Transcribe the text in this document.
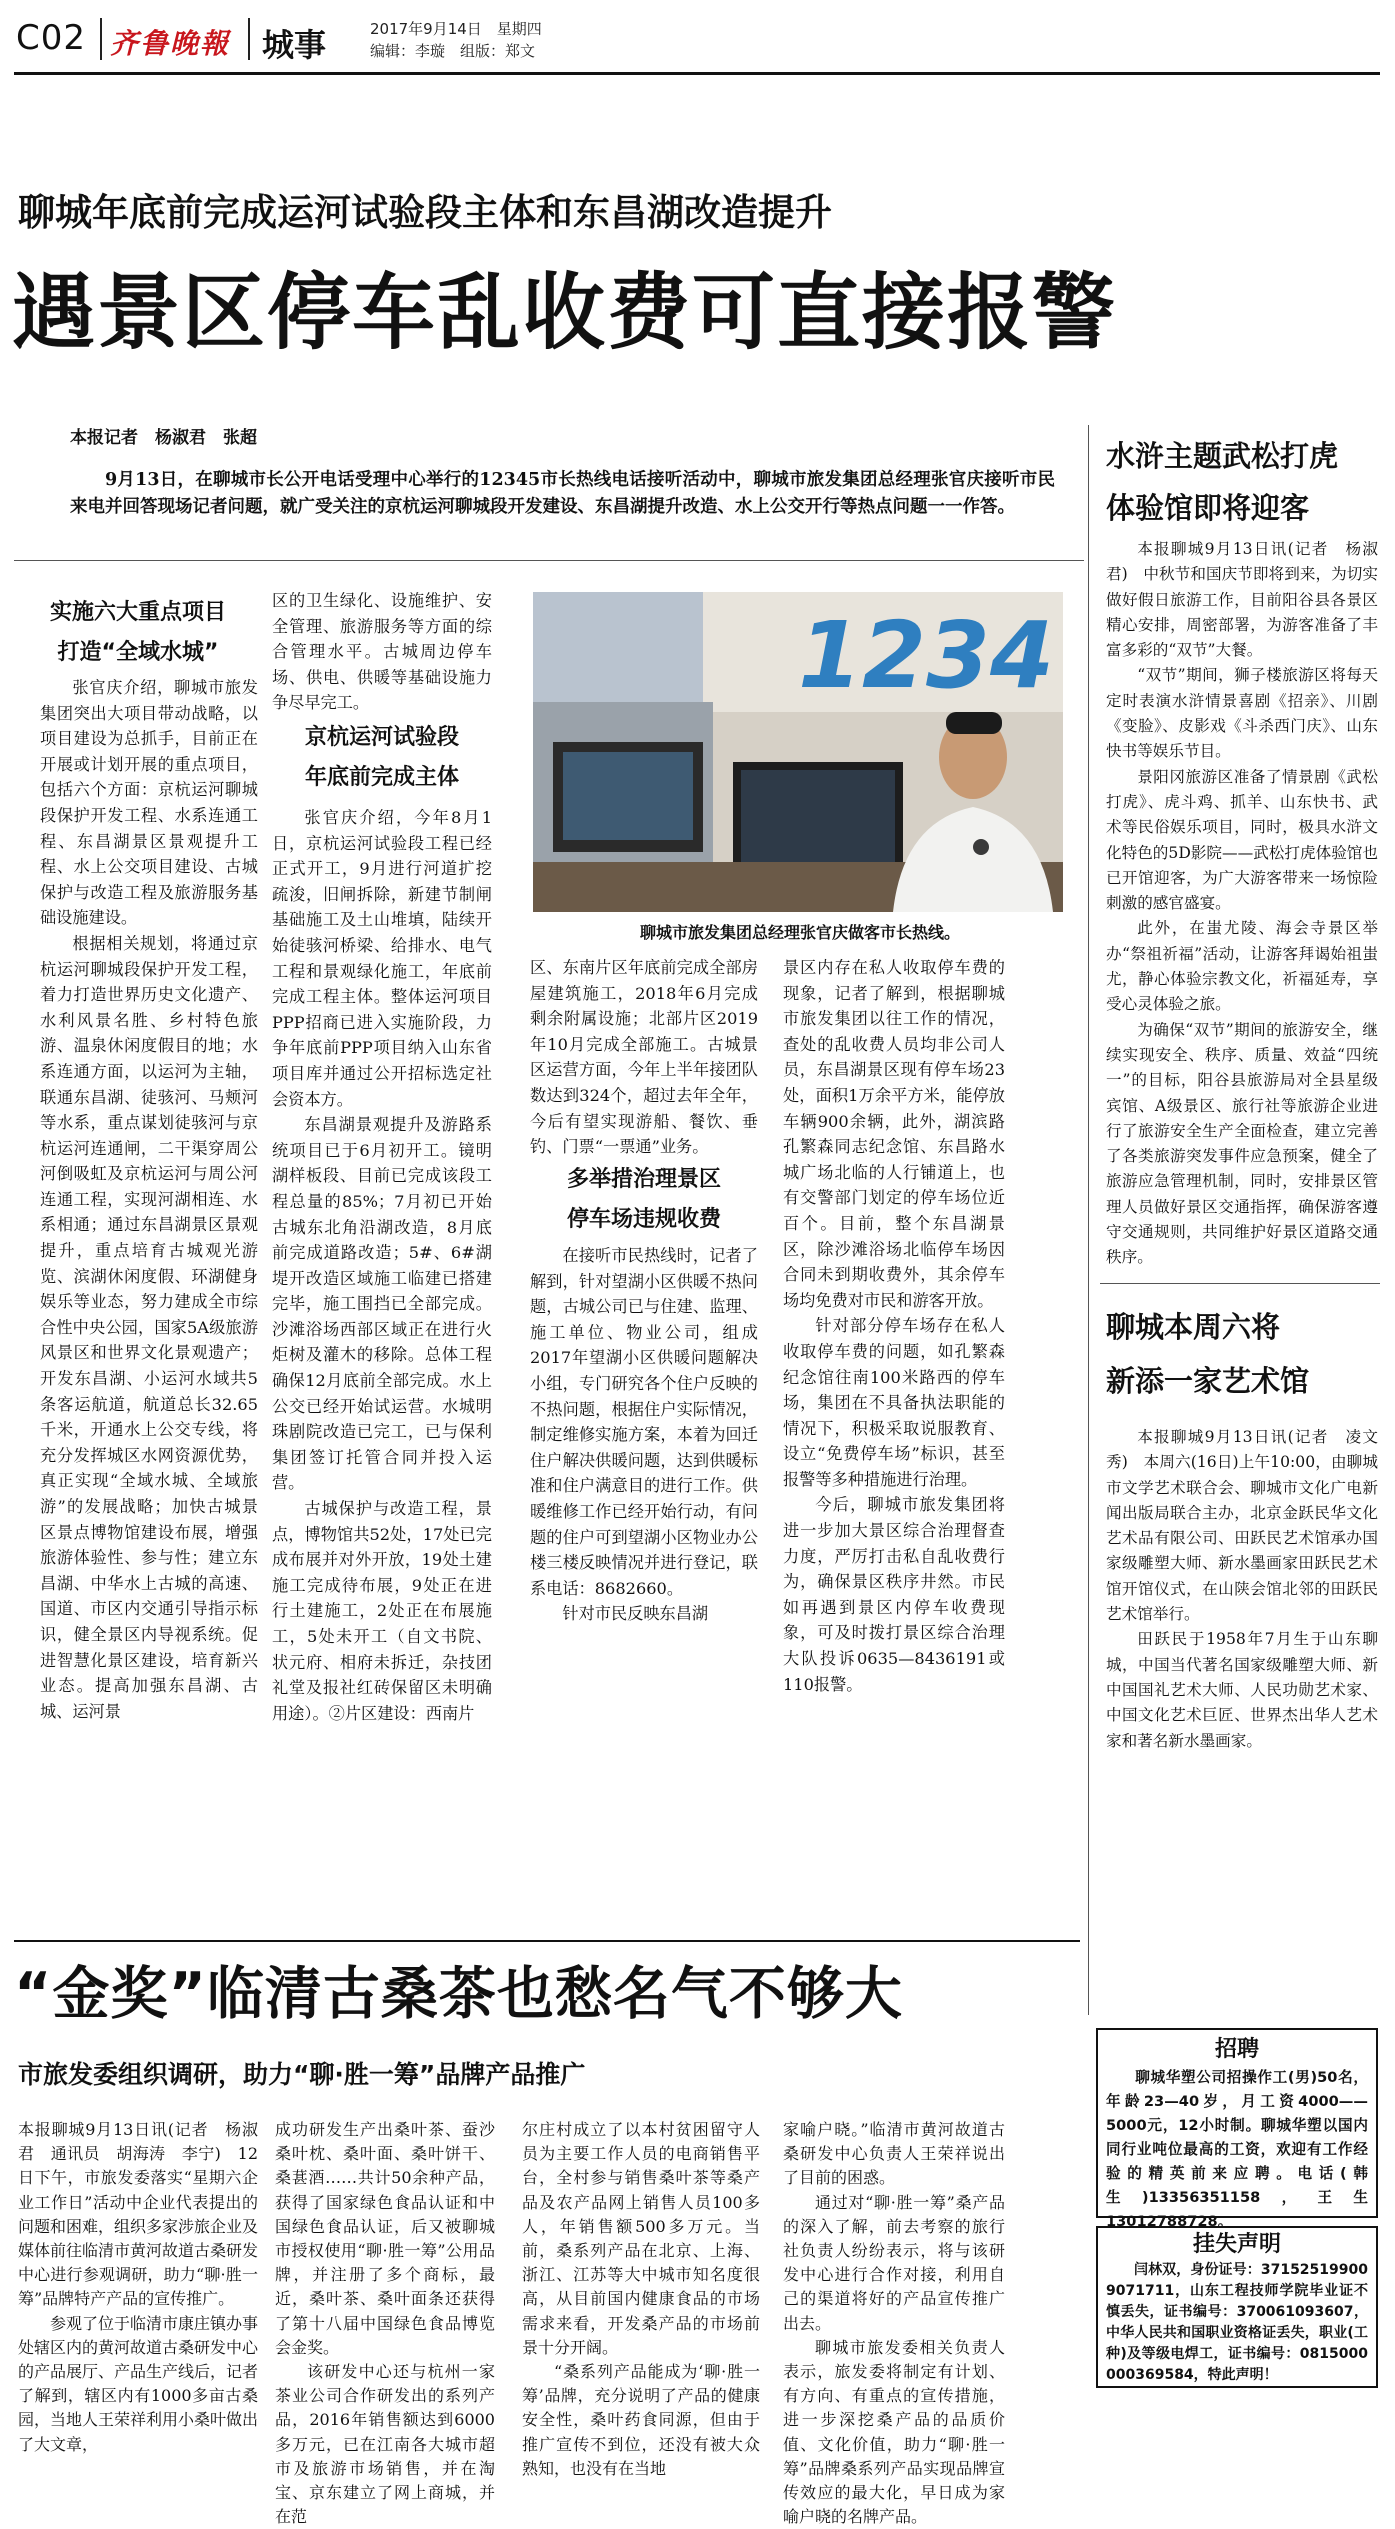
C02 齐鲁晚報 城事	2017年9月14日　星期四
编辑：李璇　组版：郑文
聊城年底前完成运河试验段主体和东昌湖改造提升
遇景区停车乱收费可直接报警
本报记者　杨淑君　张超
9月13日，在聊城市长公开电话受理中心举行的12345市长热线电话接听活动中，聊城市旅发集团总经理张官庆接听市民来电并回答现场记者问题，就广受关注的京杭运河聊城段开发建设、东昌湖提升改造、水上公交开行等热点问题一一作答。
实施六大重点项目
打造“全域水城”

张官庆介绍，聊城市旅发集团突出大项目带动战略，以项目建设为总抓手，目前正在开展或计划开展的重点项目，包括六个方面：京杭运河聊城段保护开发工程、水系连通工程、东昌湖景区景观提升工程、水上公交项目建设、古城保护与改造工程及旅游服务基础设施建设。

根据相关规划，将通过京杭运河聊城段保护开发工程，着力打造世界历史文化遗产、水利风景名胜、乡村特色旅游、温泉休闲度假目的地；水系连通方面，以运河为主轴，联通东昌湖、徒骇河、马颊河等水系，重点谋划徒骇河与京杭运河连通闸，二干渠穿周公河倒吸虹及京杭运河与周公河连通工程，实现河湖相连、水系相通；通过东昌湖景区景观提升，重点培育古城观光游览、滨湖休闲度假、环湖健身娱乐等业态，努力建成全市综合性中央公园，国家5A级旅游风景区和世界文化景观遗产；开发东昌湖、小运河水域共5条客运航道，航道总长32.65千米，开通水上公交专线，将充分发挥城区水网资源优势，真正实现“全域水城、全域旅游”的发展战略；加快古城景区景点博物馆建设布展，增强旅游体验性、参与性；建立东昌湖、中华水上古城的高速、国道、市区内交通引导指示标识，健全景区内导视系统。促进智慧化景区建设，培育新兴业态。提高加强东昌湖、古城、运河景

区的卫生绿化、设施维护、安全管理、旅游服务等方面的综合管理水平。古城周边停车场、供电、供暖等基础设施力争尽早完工。

京杭运河试验段
年底前完成主体

张官庆介绍，今年8月1日，京杭运河试验段工程已经正式开工，9月进行河道扩挖疏浚，旧闸拆除，新建节制闸基础施工及土山堆填，陆续开始徒骇河桥梁、给排水、电气工程和景观绿化施工，年底前完成工程主体。整体运河项目PPP招商已进入实施阶段，力争年底前PPP项目纳入山东省项目库并通过公开招标选定社会资本方。

东昌湖景观提升及游路系统项目已于6月初开工。镜明湖样板段、目前已完成该段工程总量的85%；7月初已开始古城东北角沿湖改造，8月底前完成道路改造；5#、6#湖堤开改造区域施工临建已搭建完毕，施工围挡已全部完成。沙滩浴场西部区域正在进行火炬树及灌木的移除。总体工程确保12月底前全部完成。水上公交已经开始试运营。水城明珠剧院改造已完工，已与保利集团签订托管合同并投入运营。

古城保护与改造工程，景点，博物馆共52处，17处已完成布展并对外开放，19处土建施工完成待布展，9处正在进行土建施工，2处正在布展施工，5处未开工（自文书院、状元府、相府未拆迁，杂技团礼堂及报社红砖保留区未明确用途）。②片区建设：西南片

1234
聊城市旅发集团总经理张官庆做客市长热线。

区、东南片区年底前完成全部房屋建筑施工，2018年6月完成剩余附属设施；北部片区2019年10月完成全部施工。古城景区运营方面，今年上半年接团队数达到324个，超过去年全年，今后有望实现游船、餐饮、垂钓、门票“一票通”业务。

多举措治理景区
停车场违规收费

在接听市民热线时，记者了解到，针对望湖小区供暖不热问题，古城公司已与住建、监理、施工单位、物业公司，组成2017年望湖小区供暖问题解决小组，专门研究各个住户反映的不热问题，根据住户实际情况，制定维修实施方案，本着为回迁住户解决供暖问题，达到供暖标准和住户满意目的进行工作。供暖维修工作已经开始行动，有问题的住户可到望湖小区物业办公楼三楼反映情况并进行登记，联系电话：8682660。

针对市民反映东昌湖

景区内存在私人收取停车费的现象，记者了解到，根据聊城市旅发集团以往工作的情况，查处的乱收费人员均非公司人员，东昌湖景区现有停车场23处，面积1万余平方米，能停放车辆900余辆，此外，湖滨路孔繁森同志纪念馆、东昌路水城广场北临的人行铺道上，也有交警部门划定的停车场位近百个。目前，整个东昌湖景区，除沙滩浴场北临停车场因合同未到期收费外，其余停车场均免费对市民和游客开放。

针对部分停车场存在私人收取停车费的问题，如孔繁森纪念馆往南100米路西的停车场，集团在不具备执法职能的情况下，积极采取说服教育、设立“免费停车场”标识，甚至报警等多种措施进行治理。

今后，聊城市旅发集团将进一步加大景区综合治理督查力度，严厉打击私自乱收费行为，确保景区秩序井然。市民如再遇到景区内停车收费现象，可及时拨打景区综合治理大队投诉0635—8436191或110报警。

水浒主题武松打虎
体验馆即将迎客

本报聊城9月13日讯(记者　杨淑君)　中秋节和国庆节即将到来，为切实做好假日旅游工作，目前阳谷县各景区精心安排，周密部署，为游客准备了丰富多彩的“双节”大餐。

“双节”期间，狮子楼旅游区将每天定时表演水浒情景喜剧《招亲》、川剧《变脸》、皮影戏《斗杀西门庆》、山东快书等娱乐节目。

景阳冈旅游区准备了情景剧《武松打虎》、虎斗鸡、抓羊、山东快书、武术等民俗娱乐项目，同时，极具水浒文化特色的5D影院——武松打虎体验馆也已开馆迎客，为广大游客带来一场惊险刺激的感官盛宴。

此外，在蚩尤陵、海会寺景区举办“祭祖祈福”活动，让游客拜谒始祖蚩尤，静心体验宗教文化，祈福延寿，享受心灵体验之旅。

为确保“双节”期间的旅游安全，继续实现安全、秩序、质量、效益“四统一”的目标，阳谷县旅游局对全县星级宾馆、A级景区、旅行社等旅游企业进行了旅游安全生产全面检查，建立完善了各类旅游突发事件应急预案，健全了旅游应急管理机制，同时，安排景区管理人员做好景区交通指挥，确保游客遵守交通规则，共同维护好景区道路交通秩序。

聊城本周六将
新添一家艺术馆

本报聊城9月13日讯(记者　凌文秀)　本周六(16日)上午10:00，由聊城市文学艺术联合会、聊城市文化广电新闻出版局联合主办，北京金跃民华文化艺术品有限公司、田跃民艺术馆承办国家级雕塑大师、新水墨画家田跃民艺术馆开馆仪式，在山陕会馆北邻的田跃民艺术馆举行。

田跃民于1958年7月生于山东聊城，中国当代著名国家级雕塑大师、新中国国礼艺术大师、人民功勋艺术家、中国文化艺术巨匠、世界杰出华人艺术家和著名新水墨画家。

“金奖”临清古桑茶也愁名气不够大
市旅发委组织调研，助力“聊·胜一筹”品牌产品推广

本报聊城9月13日讯(记者　杨淑君　通讯员　胡海涛　李宁)　12日下午，市旅发委落实“星期六企业工作日”活动中企业代表提出的问题和困难，组织多家涉旅企业及媒体前往临清市黄河故道古桑研发中心进行参观调研，助力“聊·胜一筹”品牌特产产品的宣传推广。

参观了位于临清市康庄镇办事处辖区内的黄河故道古桑研发中心的产品展厅、产品生产线后，记者了解到，辖区内有1000多亩古桑园，当地人王荣祥利用小桑叶做出了大文章，

成功研发生产出桑叶茶、蚕沙桑叶枕、桑叶面、桑叶饼干、桑葚酒……共计50余种产品，获得了国家绿色食品认证和中国绿色食品认证，后又被聊城市授权使用“聊·胜一筹”公用品牌，并注册了多个商标，最近，桑叶茶、桑叶面条还获得了第十八届中国绿色食品博览会金奖。

该研发中心还与杭州一家茶业公司合作研发出的系列产品，2016年销售额达到6000多万元，已在江南各大城市超市及旅游市场销售，并在淘宝、京东建立了网上商城，并在范

尔庄村成立了以本村贫困留守人员为主要工作人员的电商销售平台，全村参与销售桑叶茶等桑产品及农产品网上销售人员100多人，年销售额500多万元。当前，桑系列产品在北京、上海、浙江、江苏等大中城市知名度很高，从目前国内健康食品的市场需求来看，开发桑产品的市场前景十分开阔。

“桑系列产品能成为‘聊·胜一筹’品牌，充分说明了产品的健康安全性，桑叶药食同源，但由于推广宣传不到位，还没有被大众熟知，也没有在当地

家喻户晓。”临清市黄河故道古桑研发中心负责人王荣祥说出了目前的困惑。

通过对“聊·胜一筹”桑产品的深入了解，前去考察的旅行社负责人纷纷表示，将与该研发中心进行合作对接，利用自己的渠道将好的产品宣传推广出去。

聊城市旅发委相关负责人表示，旅发委将制定有计划、有方向、有重点的宣传措施，进一步深挖桑产品的品质价值、文化价值，助力“聊·胜一筹”品牌桑系列产品实现品牌宣传效应的最大化，早日成为家喻户晓的名牌产品。

招聘
聊城华塑公司招操作工(男)50名，年龄23—40岁，月工资4000——5000元，12小时制。聊城华塑以国内同行业吨位最高的工资，欢迎有工作经验的精英前来应聘。电话(韩生)13356351158，王生13012788728。
挂失声明
闫林双，身份证号：371525199009071711，山东工程技师学院毕业证不慎丢失，证书编号：370061093607，中华人民共和国职业资格证丢失，职业(工种)及等级电焊工，证书编号：0815000000369584，特此声明！
